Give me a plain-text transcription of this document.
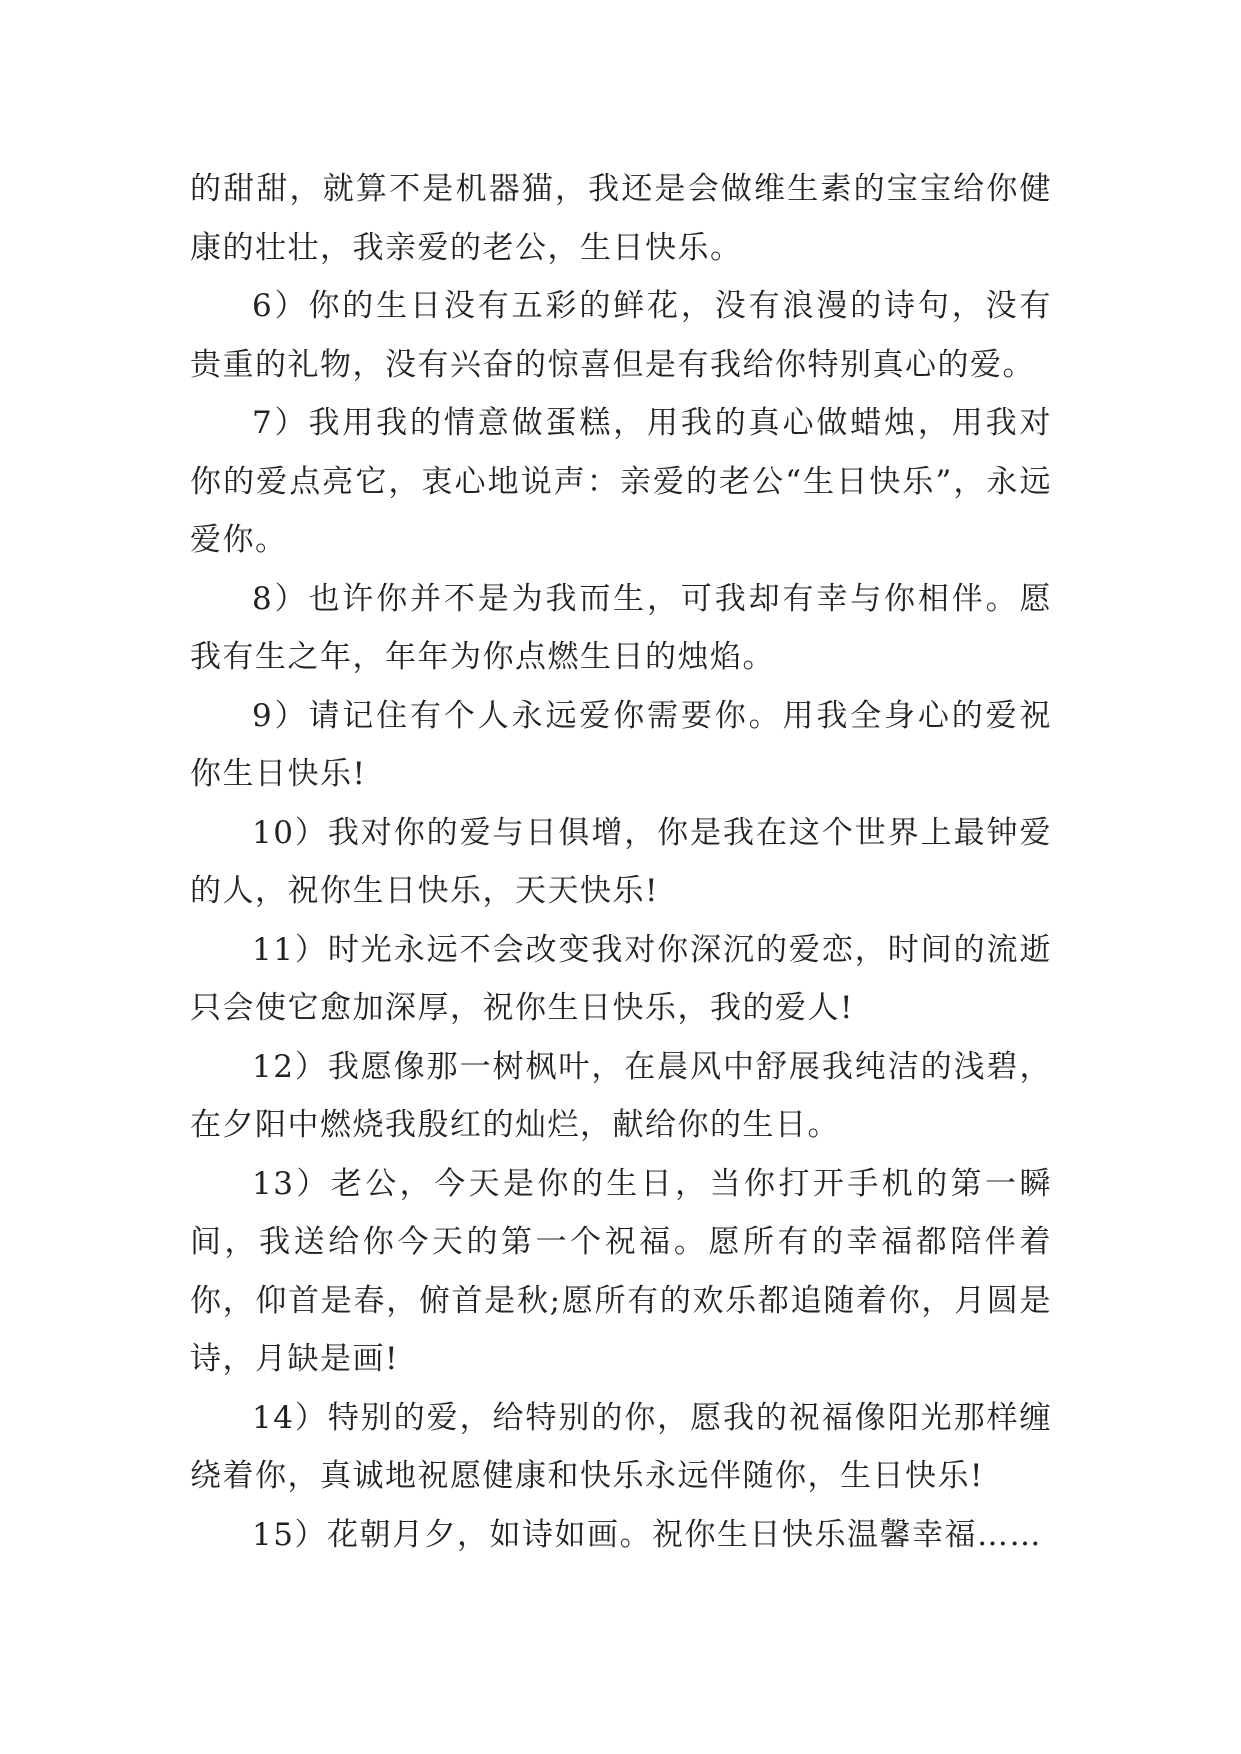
的甜甜，就算不是机器猫，我还是会做维生素的宝宝给你健康的壮壮，我亲爱的老公，生日快乐。

6）你的生日没有五彩的鲜花，没有浪漫的诗句，没有贵重的礼物，没有兴奋的惊喜但是有我给你特别真心的爱。

7）我用我的情意做蛋糕，用我的真心做蜡烛，用我对你的爱点亮它，衷心地说声：亲爱的老公“生日快乐”，永远爱你。

8）也许你并不是为我而生，可我却有幸与你相伴。愿我有生之年，年年为你点燃生日的烛焰。

9）请记住有个人永远爱你需要你。用我全身心的爱祝你生日快乐!

10）我对你的爱与日俱增，你是我在这个世界上最钟爱的人，祝你生日快乐，天天快乐!

11）时光永远不会改变我对你深沉的爱恋，时间的流逝只会使它愈加深厚，祝你生日快乐，我的爱人!

12）我愿像那一树枫叶，在晨风中舒展我纯洁的浅碧，在夕阳中燃烧我殷红的灿烂，献给你的生日。

13）老公，今天是你的生日，当你打开手机的第一瞬间，我送给你今天的第一个祝福。愿所有的幸福都陪伴着你，仰首是春，俯首是秋;愿所有的欢乐都追随着你，月圆是诗，月缺是画!

14）特别的爱，给特别的你，愿我的祝福像阳光那样缠绕着你，真诚地祝愿健康和快乐永远伴随你，生日快乐!

15）花朝月夕，如诗如画。祝你生日快乐温馨幸福……
